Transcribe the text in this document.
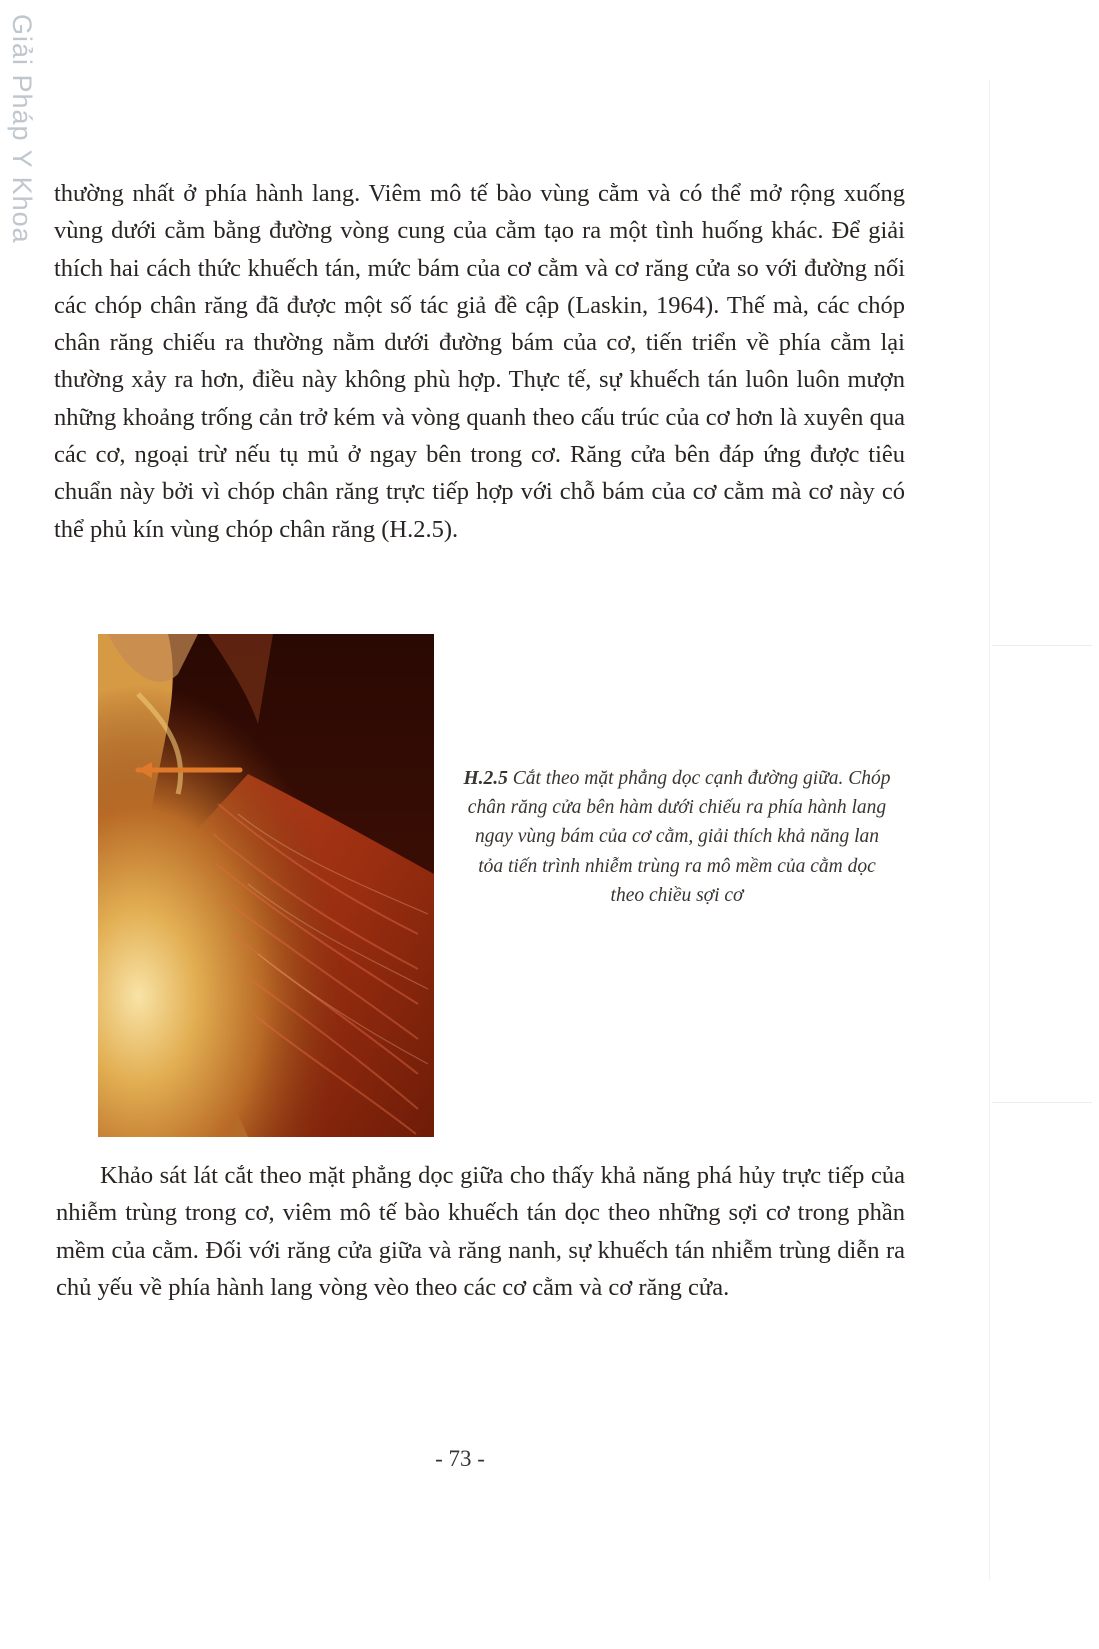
Giải Pháp Y Khoa thường nhất ở phía hành lang. Viêm mô tế bào vùng cằm và có thể mở rộng xuống vùng dưới cằm bằng đường vòng cung của cằm tạo ra một tình huống khác. Để giải thích hai cách thức khuếch tán, mức bám của cơ cằm và cơ răng cửa so với đường nối các chóp chân răng đã được một số tác giả đề cập (Laskin, 1964). Thế mà, các chóp chân răng chiếu ra thường nằm dưới đường bám của cơ, tiến triển về phía cằm lại thường xảy ra hơn, điều này không phù hợp. Thực tế, sự khuếch tán luôn luôn mượn những khoảng trống cản trở kém và vòng quanh theo cấu trúc của cơ hơn là xuyên qua các cơ, ngoại trừ nếu tụ mủ ở ngay bên trong cơ. Răng cửa bên đáp ứng được tiêu chuẩn này bởi vì chóp chân răng trực tiếp hợp với chỗ bám của cơ cằm mà cơ này có thể phủ kín vùng chóp chân răng (H.2.5).

H.2.5 Cắt theo mặt phẳng dọc cạnh đường giữa. Chóp chân răng cửa bên hàm dưới chiếu ra phía hành lang ngay vùng bám của cơ cằm, giải thích khả năng lan tỏa tiến trình nhiễm trùng ra mô mềm của cằm dọc theo chiều sợi cơ

Khảo sát lát cắt theo mặt phẳng dọc giữa cho thấy khả năng phá hủy trực tiếp của nhiễm trùng trong cơ, viêm mô tế bào khuếch tán dọc theo những sợi cơ trong phần mềm của cằm. Đối với răng cửa giữa và răng nanh, sự khuếch tán nhiễm trùng diễn ra chủ yếu về phía hành lang vòng vèo theo các cơ cằm và cơ răng cửa.

- 73 -
